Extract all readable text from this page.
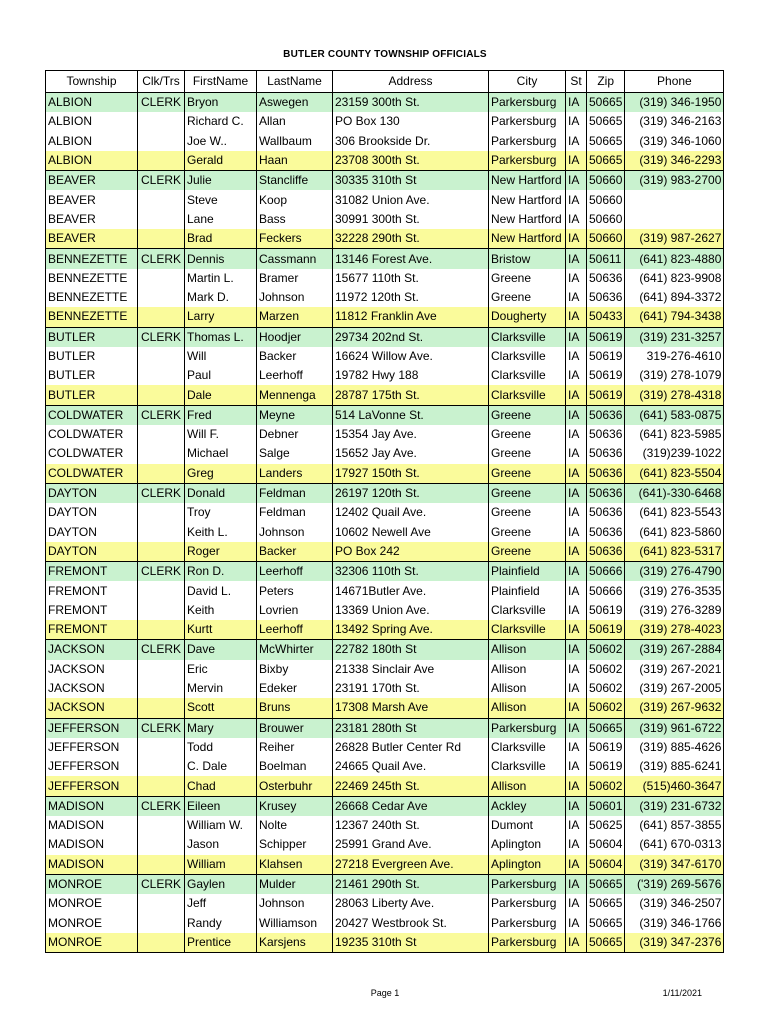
BUTLER COUNTY TOWNSHIP OFFICIALS
Township	Clk/Trs	FirstName	LastName	Address	City	St	Zip	Phone
ALBION	CLERK	Bryon	Aswegen	23159 300th St.	Parkersburg	IA	50665	(319) 346-1950
ALBION		Richard C.	Allan	PO Box 130	Parkersburg	IA	50665	(319) 346-2163
ALBION		Joe W..	Wallbaum	306 Brookside Dr.	Parkersburg	IA	50665	(319) 346-1060
ALBION		Gerald	Haan	23708 300th St.	Parkersburg	IA	50665	(319) 346-2293
BEAVER	CLERK	Julie	Stancliffe	30335 310th St	New Hartford	IA	50660	(319) 983-2700
BEAVER		Steve	Koop	31082 Union Ave.	New Hartford	IA	50660	
BEAVER		Lane	Bass	30991 300th St.	New Hartford	IA	50660	
BEAVER		Brad	Feckers	32228 290th St.	New Hartford	IA	50660	(319) 987-2627
BENNEZETTE	CLERK	Dennis	Cassmann	13146 Forest Ave.	Bristow	IA	50611	(641) 823-4880
BENNEZETTE		Martin L.	Bramer	15677 110th St.	Greene	IA	50636	(641) 823-9908
BENNEZETTE		Mark D.	Johnson	11972 120th St.	Greene	IA	50636	(641) 894-3372
BENNEZETTE		Larry	Marzen	11812 Franklin Ave	Dougherty	IA	50433	(641) 794-3438
BUTLER	CLERK	Thomas L.	Hoodjer	29734 202nd St.	Clarksville	IA	50619	(319) 231-3257
BUTLER		Will	Backer	16624 Willow Ave.	Clarksville	IA	50619	319-276-4610
BUTLER		Paul	Leerhoff	19782 Hwy 188	Clarksville	IA	50619	(319) 278-1079
BUTLER		Dale	Mennenga	28787 175th St.	Clarksville	IA	50619	(319) 278-4318
COLDWATER	CLERK	Fred	Meyne	514 LaVonne St.	Greene	IA	50636	(641) 583-0875
COLDWATER		Will F.	Debner	15354 Jay Ave.	Greene	IA	50636	(641) 823-5985
COLDWATER		Michael	Salge	15652 Jay Ave.	Greene	IA	50636	(319)239-1022
COLDWATER		Greg	Landers	17927 150th St.	Greene	IA	50636	(641) 823-5504
DAYTON	CLERK	Donald	Feldman	26197 120th St.	Greene	IA	50636	(641)-330-6468
DAYTON		Troy	Feldman	12402 Quail Ave.	Greene	IA	50636	(641) 823-5543
DAYTON		Keith L.	Johnson	10602 Newell Ave	Greene	IA	50636	(641) 823-5860
DAYTON		Roger	Backer	PO Box 242	Greene	IA	50636	(641) 823-5317
FREMONT	CLERK	Ron D.	Leerhoff	32306 110th St.	Plainfield	IA	50666	(319) 276-4790
FREMONT		David L.	Peters	14671Butler Ave.	Plainfield	IA	50666	(319) 276-3535
FREMONT		Keith	Lovrien	13369 Union Ave.	Clarksville	IA	50619	(319) 276-3289
FREMONT		Kurtt	Leerhoff	13492 Spring Ave.	Clarksville	IA	50619	(319) 278-4023
JACKSON	CLERK	Dave	McWhirter	22782 180th St	Allison	IA	50602	(319) 267-2884
JACKSON		Eric	Bixby	21338 Sinclair Ave	Allison	IA	50602	(319) 267-2021
JACKSON		Mervin	Edeker	23191 170th St.	Allison	IA	50602	(319) 267-2005
JACKSON		Scott	Bruns	17308 Marsh Ave	Allison	IA	50602	(319) 267-9632
JEFFERSON	CLERK	Mary	Brouwer	23181 280th St	Parkersburg	IA	50665	(319) 961-6722
JEFFERSON		Todd	Reiher	26828 Butler Center Rd	Clarksville	IA	50619	(319) 885-4626
JEFFERSON		C. Dale	Boelman	24665 Quail Ave.	Clarksville	IA	50619	(319) 885-6241
JEFFERSON		Chad	Osterbuhr	22469 245th St.	Allison	IA	50602	(515)460-3647
MADISON	CLERK	Eileen	Krusey	26668 Cedar Ave	Ackley	IA	50601	(319) 231-6732
MADISON		William W.	Nolte	12367 240th St.	Dumont	IA	50625	(641) 857-3855
MADISON		Jason	Schipper	25991 Grand Ave.	Aplington	IA	50604	(641) 670-0313
MADISON		William	Klahsen	27218 Evergreen Ave.	Aplington	IA	50604	(319) 347-6170
MONROE	CLERK	Gaylen	Mulder	21461 290th St.	Parkersburg	IA	50665	('319) 269-5676
MONROE		Jeff	Johnson	28063 Liberty Ave.	Parkersburg	IA	50665	(319) 346-2507
MONROE		Randy	Williamson	20427 Westbrook St.	Parkersburg	IA	50665	(319) 346-1766
MONROE		Prentice	Karsjens	19235 310th St	Parkersburg	IA	50665	(319) 347-2376
Page 1	1/11/2021
